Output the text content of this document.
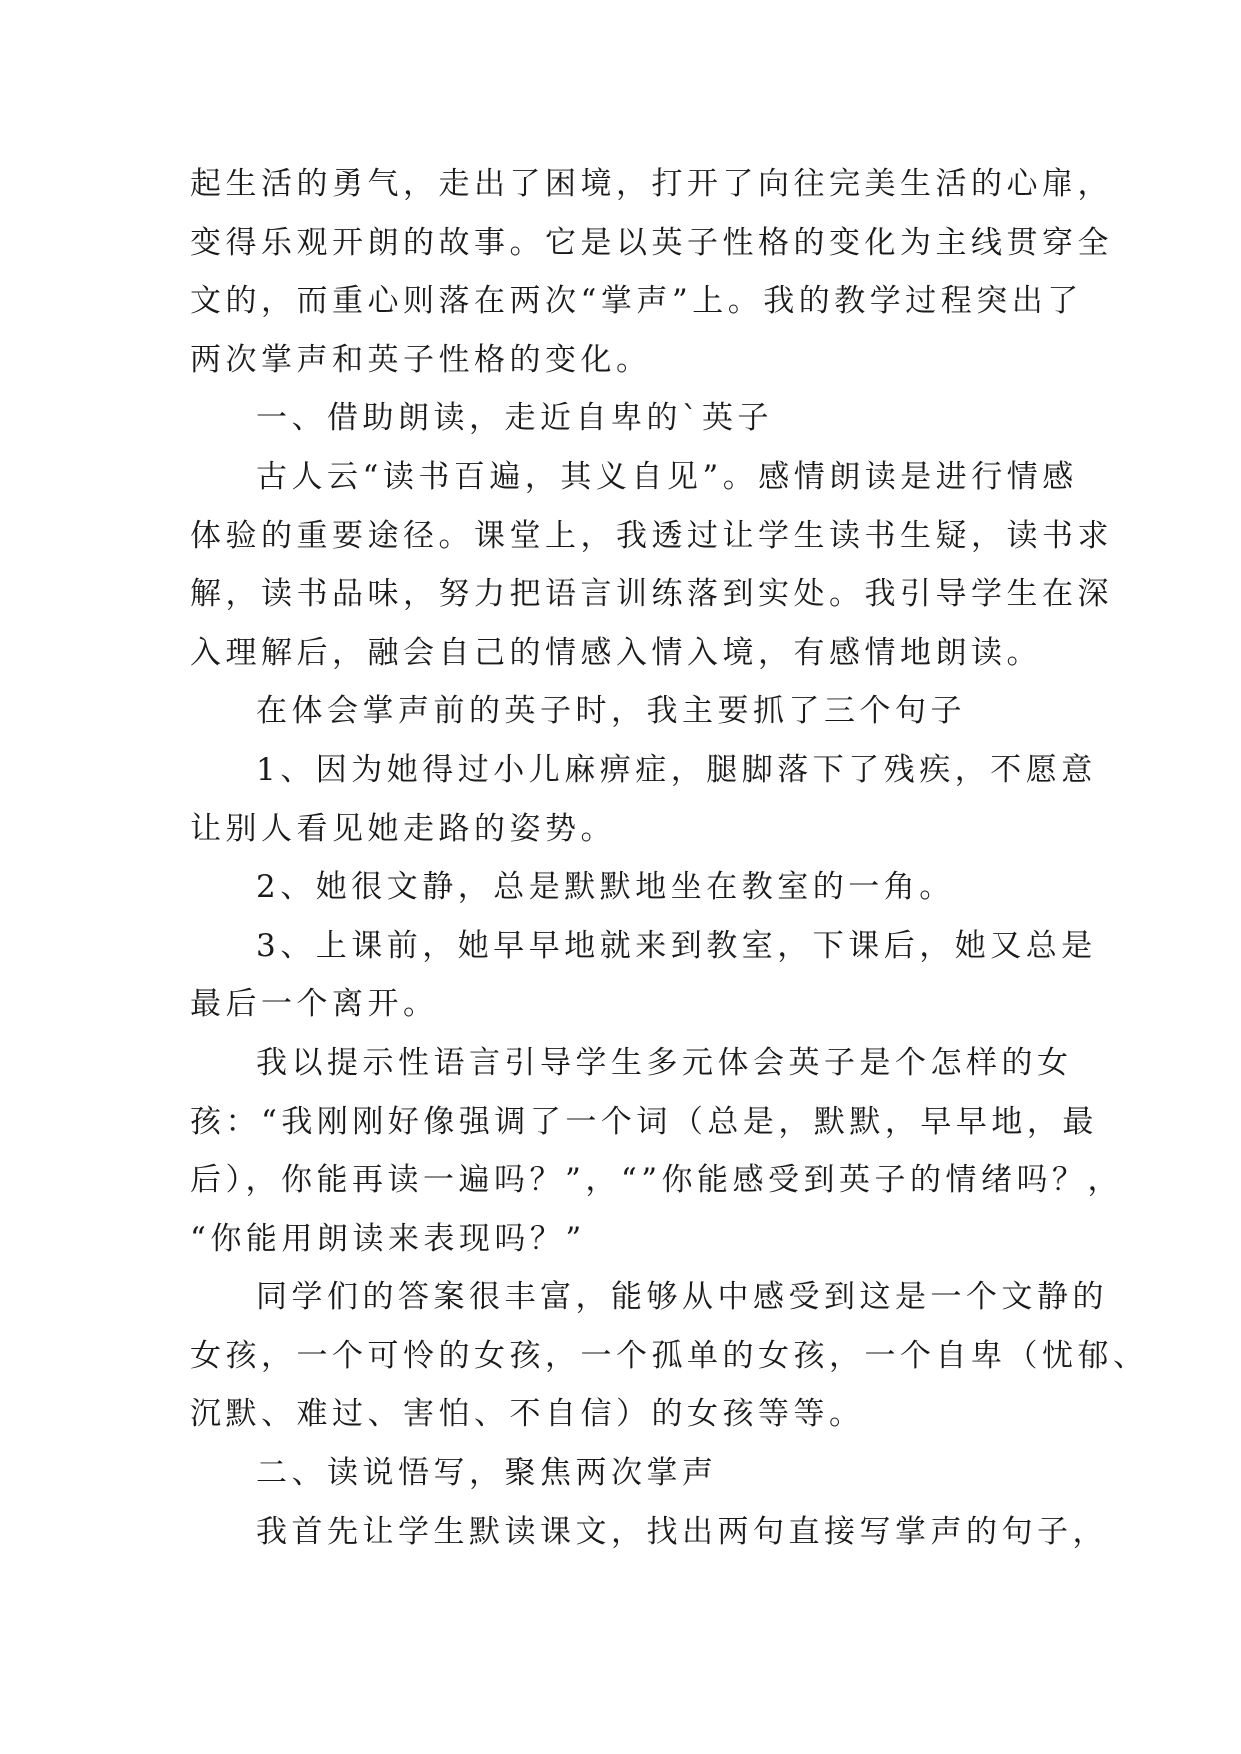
起生活的勇气，走出了困境，打开了向往完美生活的心扉，
变得乐观开朗的故事。它是以英子性格的变化为主线贯穿全
文的，而重心则落在两次“掌声”上。我的教学过程突出了
两次掌声和英子性格的变化。
一、借助朗读，走近自卑的`英子
古人云“读书百遍，其义自见”。感情朗读是进行情感
体验的重要途径。课堂上，我透过让学生读书生疑，读书求
解，读书品味，努力把语言训练落到实处。我引导学生在深
入理解后，融会自己的情感入情入境，有感情地朗读。
在体会掌声前的英子时，我主要抓了三个句子
1、因为她得过小儿麻痹症，腿脚落下了残疾，不愿意
让别人看见她走路的姿势。
2、她很文静，总是默默地坐在教室的一角。
3、上课前，她早早地就来到教室，下课后，她又总是
最后一个离开。
我以提示性语言引导学生多元体会英子是个怎样的女
孩：“我刚刚好像强调了一个词（总是，默默，早早地，最
后），你能再读一遍吗？”，“”你能感受到英子的情绪吗？，
“你能用朗读来表现吗？”
同学们的答案很丰富，能够从中感受到这是一个文静的
女孩，一个可怜的女孩，一个孤单的女孩，一个自卑（忧郁、
沉默、难过、害怕、不自信）的女孩等等。
二、读说悟写，聚焦两次掌声
我首先让学生默读课文，找出两句直接写掌声的句子，
